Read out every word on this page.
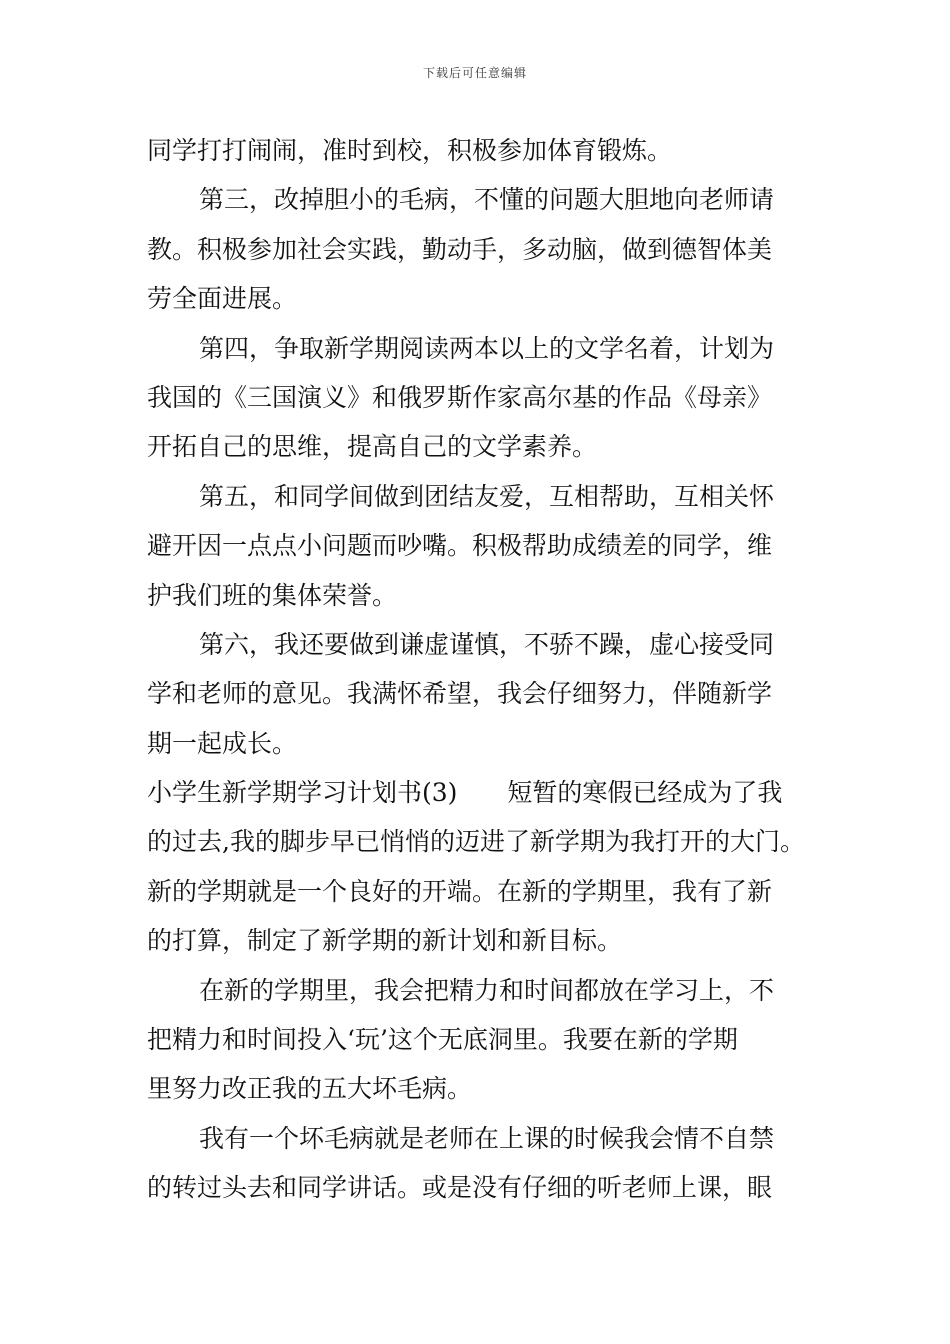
下载后可任意编辑
同学打打闹闹，准时到校，积极参加体育锻炼。
第三，改掉胆小的毛病，不懂的问题大胆地向老师请
教。积极参加社会实践，勤动手，多动脑，做到德智体美
劳全面进展。
第四，争取新学期阅读两本以上的文学名着，计划为
我国的《三国演义》和俄罗斯作家高尔基的作品《母亲》
开拓自己的思维，提高自己的文学素养。
第五，和同学间做到团结友爱，互相帮助，互相关怀
避开因一点点小问题而吵嘴。积极帮助成绩差的同学，维
护我们班的集体荣誉。
第六，我还要做到谦虚谨慎，不骄不躁，虚心接受同
学和老师的意见。我满怀希望，我会仔细努力，伴随新学
期一起成长。
小学生新学期学习计划书(3)　　短暂的寒假已经成为了我
的过去,我的脚步早已悄悄的迈进了新学期为我打开的大门。
新的学期就是一个良好的开端。在新的学期里，我有了新
的打算，制定了新学期的新计划和新目标。
在新的学期里，我会把精力和时间都放在学习上，不
把精力和时间投入‘玩’这个无底洞里。我要在新的学期
里努力改正我的五大坏毛病。
我有一个坏毛病就是老师在上课的时候我会情不自禁
的转过头去和同学讲话。或是没有仔细的听老师上课，眼
